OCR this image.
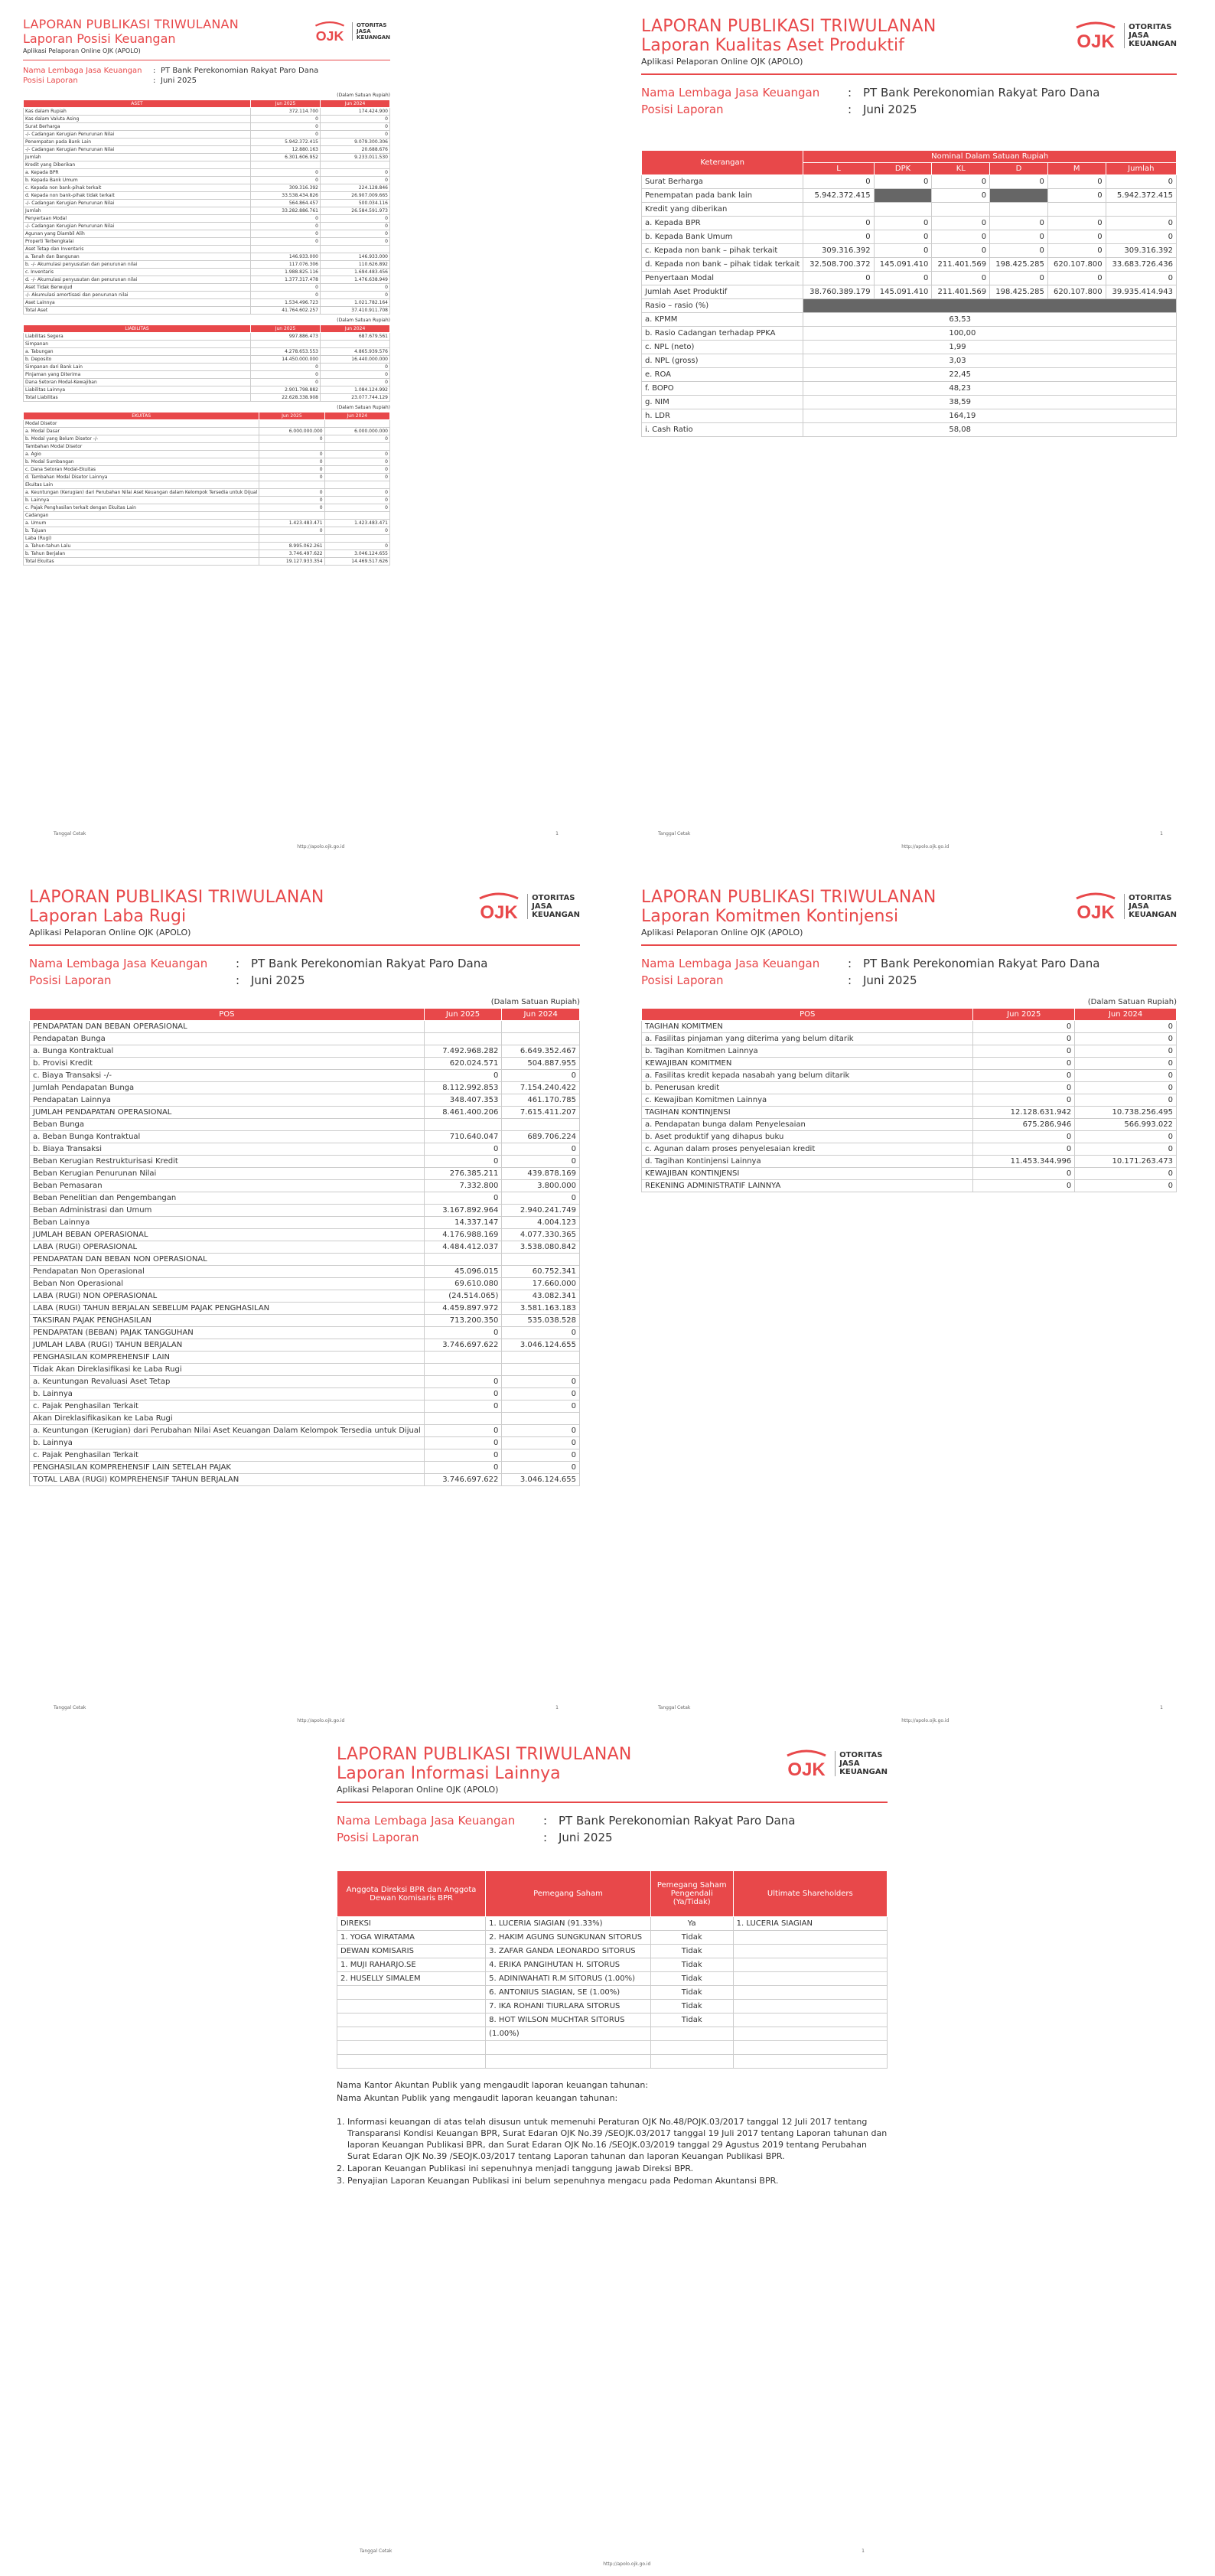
LAPORAN PUBLIKASI TRIWULANAN
Laporan Posisi Keuangan
Aplikasi Pelaporan Online OJK (APOLO)
OJK
OTORITAS
JASA
KEUANGAN
Nama Lembaga Jasa Keuangan	: PT Bank Perekonomian Rakyat Paro Dana
Posisi Laporan	: Juni 2025
(Dalam Satuan Rupiah)
ASET	Jun 2025	Jun 2024
Kas dalam Rupiah	372.114.700	174.424.900
Kas dalam Valuta Asing	0	0
Surat Berharga	0	0
-/- Cadangan Kerugian Penurunan Nilai	0	0
Penempatan pada Bank Lain	5.942.372.415	9.079.300.306
-/- Cadangan Kerugian Penurunan Nilai	12.880.163	20.688.676
Jumlah	6.301.606.952	9.233.011.530
Kredit yang Diberikan		
a. Kepada BPR	0	0
b. Kepada Bank Umum	0	0
c. Kepada non bank-pihak terkait	309.316.392	224.128.846
d. Kepada non bank-pihak tidak terkait	33.538.434.826	26.907.009.665
-/- Cadangan Kerugian Penurunan Nilai	564.864.457	500.034.116
Jumlah	33.282.886.761	26.584.591.973
Penyertaan Modal	0	0
-/- Cadangan Kerugian Penurunan Nilai	0	0
Agunan yang Diambil Alih	0	0
Properti Terbengkalai	0	0
Aset Tetap dan Inventaris		
a. Tanah dan Bangunan	146.933.000	146.933.000
b. -/- Akumulasi penyusutan dan penurunan nilai	117.076.306	110.626.892
c. Inventaris	1.988.825.116	1.694.483.456
d. -/- Akumulasi penyusutan dan penurunan nilai	1.377.317.478	1.476.638.949
Aset Tidak Berwujud	0	0
-/- Akumulasi amortisasi dan penurunan nilai	0	0
Aset Lainnya	1.534.496.723	1.021.782.164
Total Aset	41.764.602.257	37.410.911.708
(Dalam Satuan Rupiah)
LIABILITAS	Jun 2025	Jun 2024
Liabilitas Segera	997.886.473	687.679.561
Simpanan		
a. Tabungan	4.278.653.553	4.865.939.576
b. Deposito	14.450.000.000	16.440.000.000
Simpanan dari Bank Lain	0	0
Pinjaman yang Diterima	0	0
Dana Setoran Modal-Kewajiban	0	0
Liabilitas Lainnya	2.901.798.882	1.084.124.992
Total Liabilitas	22.628.338.908	23.077.744.129
(Dalam Satuan Rupiah)
EKUITAS	Jun 2025	Jun 2024
Modal Disetor		
a. Modal Dasar	6.000.000.000	6.000.000.000
b. Modal yang Belum Disetor -/-	0	0
Tambahan Modal Disetor		
a. Agio	0	0
b. Modal Sumbangan	0	0
c. Dana Setoran Modal-Ekuitas	0	0
d. Tambahan Modal Disetor Lainnya	0	0
Ekuitas Lain		
a. Keuntungan (Kerugian) dari Perubahan Nilai Aset Keuangan dalam Kelompok Tersedia untuk Dijual	0	0
b. Lainnya	0	0
c. Pajak Penghasilan terkait dengan Ekuitas Lain	0	0
Cadangan		
a. Umum	1.423.483.471	1.423.483.471
b. Tujuan	0	0
Laba (Rugi)		
a. Tahun-tahun Lalu	8.995.062.261	0
b. Tahun Berjalan	3.746.497.622	3.046.124.655
Total Ekuitas	19.127.933.354	14.469.517.626
Tanggal Cetak
http://apolo.ojk.go.id
1
LAPORAN PUBLIKASI TRIWULANAN
Laporan Kualitas Aset Produktif
Aplikasi Pelaporan Online OJK (APOLO)
OJK
OTORITAS
JASA
KEUANGAN
Nama Lembaga Jasa Keuangan	: PT Bank Perekonomian Rakyat Paro Dana
Posisi Laporan	: Juni 2025
Keterangan	Nominal Dalam Satuan Rupiah					
	L	DPK	KL	D	M	Jumlah
Surat Berharga	0	0	0	0	0	0
Penempatan pada bank lain	5.942.372.415		0		0	5.942.372.415
Kredit yang diberikan						
a. Kepada BPR	0	0	0	0	0	0
b. Kepada Bank Umum	0	0	0	0	0	0
c. Kepada non bank – pihak terkait	309.316.392	0	0	0	0	309.316.392
d. Kepada non bank – pihak tidak terkait	32.508.700.372	145.091.410	211.401.569	198.425.285	620.107.800	33.683.726.436
Penyertaan Modal	0	0	0	0	0	0
Jumlah Aset Produktif	38.760.389.179	145.091.410	211.401.569	198.425.285	620.107.800	39.935.414.943
Rasio – rasio (%)						
a. KPMM	63,53					
b. Rasio Cadangan terhadap PPKA	100,00					
c. NPL (neto)	1,99					
d. NPL (gross)	3,03					
e. ROA	22,45					
f. BOPO	48,23					
g. NIM	38,59					
h. LDR	164,19					
i. Cash Ratio	58,08					
Tanggal Cetak
http://apolo.ojk.go.id
1
LAPORAN PUBLIKASI TRIWULANAN
Laporan Laba Rugi
Aplikasi Pelaporan Online OJK (APOLO)
OJK
OTORITAS
JASA
KEUANGAN
Nama Lembaga Jasa Keuangan	: PT Bank Perekonomian Rakyat Paro Dana
Posisi Laporan	: Juni 2025
(Dalam Satuan Rupiah)
POS	Jun 2025	Jun 2024
PENDAPATAN DAN BEBAN OPERASIONAL		
Pendapatan Bunga		
a. Bunga Kontraktual	7.492.968.282	6.649.352.467
b. Provisi Kredit	620.024.571	504.887.955
c. Biaya Transaksi -/-	0	0
Jumlah Pendapatan Bunga	8.112.992.853	7.154.240.422
Pendapatan Lainnya	348.407.353	461.170.785
JUMLAH PENDAPATAN OPERASIONAL	8.461.400.206	7.615.411.207
Beban Bunga		
a. Beban Bunga Kontraktual	710.640.047	689.706.224
b. Biaya Transaksi	0	0
Beban Kerugian Restrukturisasi Kredit	0	0
Beban Kerugian Penurunan Nilai	276.385.211	439.878.169
Beban Pemasaran	7.332.800	3.800.000
Beban Penelitian dan Pengembangan	0	0
Beban Administrasi dan Umum	3.167.892.964	2.940.241.749
Beban Lainnya	14.337.147	4.004.123
JUMLAH BEBAN OPERASIONAL	4.176.988.169	4.077.330.365
LABA (RUGI) OPERASIONAL	4.484.412.037	3.538.080.842
PENDAPATAN DAN BEBAN NON OPERASIONAL		
Pendapatan Non Operasional	45.096.015	60.752.341
Beban Non Operasional	69.610.080	17.660.000
LABA (RUGI) NON OPERASIONAL	(24.514.065)	43.082.341
LABA (RUGI) TAHUN BERJALAN SEBELUM PAJAK PENGHASILAN	4.459.897.972	3.581.163.183
TAKSIRAN PAJAK PENGHASILAN	713.200.350	535.038.528
PENDAPATAN (BEBAN) PAJAK TANGGUHAN	0	0
JUMLAH LABA (RUGI) TAHUN BERJALAN	3.746.697.622	3.046.124.655
PENGHASILAN KOMPREHENSIF LAIN		
Tidak Akan Direklasifikasi ke Laba Rugi		
a. Keuntungan Revaluasi Aset Tetap	0	0
b. Lainnya	0	0
c. Pajak Penghasilan Terkait	0	0
Akan Direklasifikasikan ke Laba Rugi		
a. Keuntungan (Kerugian) dari Perubahan Nilai Aset Keuangan Dalam Kelompok Tersedia untuk Dijual	0	0
b. Lainnya	0	0
c. Pajak Penghasilan Terkait	0	0
PENGHASILAN KOMPREHENSIF LAIN SETELAH PAJAK	0	0
TOTAL LABA (RUGI) KOMPREHENSIF TAHUN BERJALAN	3.746.697.622	3.046.124.655
Tanggal Cetak
http://apolo.ojk.go.id
1
LAPORAN PUBLIKASI TRIWULANAN
Laporan Komitmen Kontinjensi
Aplikasi Pelaporan Online OJK (APOLO)
OJK
OTORITAS
JASA
KEUANGAN
Nama Lembaga Jasa Keuangan	: PT Bank Perekonomian Rakyat Paro Dana
Posisi Laporan	: Juni 2025
(Dalam Satuan Rupiah)
POS	Jun 2025	Jun 2024
TAGIHAN KOMITMEN	0	0
a. Fasilitas pinjaman yang diterima yang belum ditarik	0	0
b. Tagihan Komitmen Lainnya	0	0
KEWAJIBAN KOMITMEN	0	0
a. Fasilitas kredit kepada nasabah yang belum ditarik	0	0
b. Penerusan kredit	0	0
c. Kewajiban Komitmen Lainnya	0	0
TAGIHAN KONTINJENSI	12.128.631.942	10.738.256.495
a. Pendapatan bunga dalam Penyelesaian	675.286.946	566.993.022
b. Aset produktif yang dihapus buku	0	0
c. Agunan dalam proses penyelesaian kredit	0	0
d. Tagihan Kontinjensi Lainnya	11.453.344.996	10.171.263.473
KEWAJIBAN KONTINJENSI	0	0
REKENING ADMINISTRATIF LAINNYA	0	0
Tanggal Cetak
http://apolo.ojk.go.id
1
LAPORAN PUBLIKASI TRIWULANAN
Laporan Informasi Lainnya
Aplikasi Pelaporan Online OJK (APOLO)
OJK
OTORITAS
JASA
KEUANGAN
Nama Lembaga Jasa Keuangan	: PT Bank Perekonomian Rakyat Paro Dana
Posisi Laporan	: Juni 2025
Anggota Direksi BPR dan Anggota Dewan Komisaris BPR	Pemegang Saham	Pemegang Saham Pengendali (Ya/Tidak)	Ultimate Shareholders
DIREKSI	1. LUCERIA SIAGIAN (91.33%)	Ya	1. LUCERIA SIAGIAN
1. YOGA WIRATAMA	2. HAKIM AGUNG SUNGKUNAN SITORUS	Tidak	
DEWAN KOMISARIS	3. ZAFAR GANDA LEONARDO SITORUS	Tidak	
1. MUJI RAHARJO.SE	4. ERIKA PANGIHUTAN H. SITORUS	Tidak	
2. HUSELLY SIMALEM	5. ADINIWAHATI R.M SITORUS (1.00%)	Tidak	
	6. ANTONIUS SIAGIAN, SE (1.00%)	Tidak	
	7. IKA ROHANI TIURLARA SITORUS	Tidak	
	8. HOT WILSON MUCHTAR SITORUS	Tidak	
	(1.00%)		

Nama Kantor Akuntan Publik yang mengaudit laporan keuangan tahunan:

Nama Akuntan Publik yang mengaudit laporan keuangan tahunan:

1. Informasi keuangan di atas telah disusun untuk memenuhi Peraturan OJK No.48/POJK.03/2017 tanggal 12 Juli 2017 tentang Transparansi Kondisi Keuangan BPR, Surat Edaran OJK No.39 /SEOJK.03/2017 tanggal 19 Juli 2017 tentang Laporan tahunan dan laporan Keuangan Publikasi BPR, dan Surat Edaran OJK No.16 /SEOJK.03/2019 tanggal 29 Agustus 2019 tentang Perubahan Surat Edaran OJK No.39 /SEOJK.03/2017 tentang Laporan tahunan dan laporan Keuangan Publikasi BPR.
2. Laporan Keuangan Publikasi ini sepenuhnya menjadi tanggung jawab Direksi BPR.
3. Penyajian Laporan Keuangan Publikasi ini belum sepenuhnya mengacu pada Pedoman Akuntansi BPR.
Tanggal Cetak
http://apolo.ojk.go.id
1
